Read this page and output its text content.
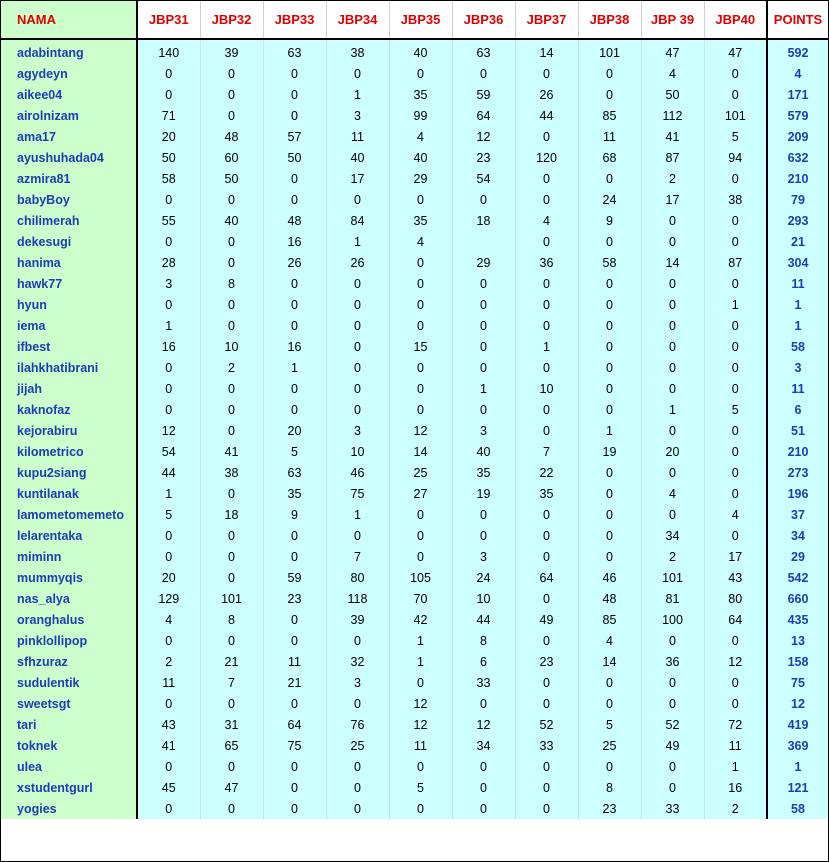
NAMA	JBP31	JBP32	JBP33	JBP34	JBP35	JBP36	JBP37	JBP38	JBP 39	JBP40	POINTS
adabintang	140	39	63	38	40	63	14	101	47	47	592
agydeyn	0	0	0	0	0	0	0	0	4	0	4
aikee04	0	0	0	1	35	59	26	0	50	0	171
airolnizam	71	0	0	3	99	64	44	85	112	101	579
ama17	20	48	57	11	4	12	0	11	41	5	209
ayushuhada04	50	60	50	40	40	23	120	68	87	94	632
azmira81	58	50	0	17	29	54	0	0	2	0	210
babyBoy	0	0	0	0	0	0	0	24	17	38	79
chilimerah	55	40	48	84	35	18	4	9	0	0	293
dekesugi	0	0	16	1	4		0	0	0	0	21
hanima	28	0	26	26	0	29	36	58	14	87	304
hawk77	3	8	0	0	0	0	0	0	0	0	11
hyun	0	0	0	0	0	0	0	0	0	1	1
iema	1	0	0	0	0	0	0	0	0	0	1
ifbest	16	10	16	0	15	0	1	0	0	0	58
ilahkhatibrani	0	2	1	0	0	0	0	0	0	0	3
jijah	0	0	0	0	0	1	10	0	0	0	11
kaknofaz	0	0	0	0	0	0	0	0	1	5	6
kejorabiru	12	0	20	3	12	3	0	1	0	0	51
kilometrico	54	41	5	10	14	40	7	19	20	0	210
kupu2siang	44	38	63	46	25	35	22	0	0	0	273
kuntilanak	1	0	35	75	27	19	35	0	4	0	196
lamometomemeto	5	18	9	1	0	0	0	0	0	4	37
lelarentaka	0	0	0	0	0	0	0	0	34	0	34
miminn	0	0	0	7	0	3	0	0	2	17	29
mummyqis	20	0	59	80	105	24	64	46	101	43	542
nas_alya	129	101	23	118	70	10	0	48	81	80	660
oranghalus	4	8	0	39	42	44	49	85	100	64	435
pinklollipop	0	0	0	0	1	8	0	4	0	0	13
sfhzuraz	2	21	11	32	1	6	23	14	36	12	158
sudulentik	11	7	21	3	0	33	0	0	0	0	75
sweetsgt	0	0	0	0	12	0	0	0	0	0	12
tari	43	31	64	76	12	12	52	5	52	72	419
toknek	41	65	75	25	11	34	33	25	49	11	369
ulea	0	0	0	0	0	0	0	0	0	1	1
xstudentgurl	45	47	0	0	5	0	0	8	0	16	121
yogies	0	0	0	0	0	0	0	23	33	2	58
